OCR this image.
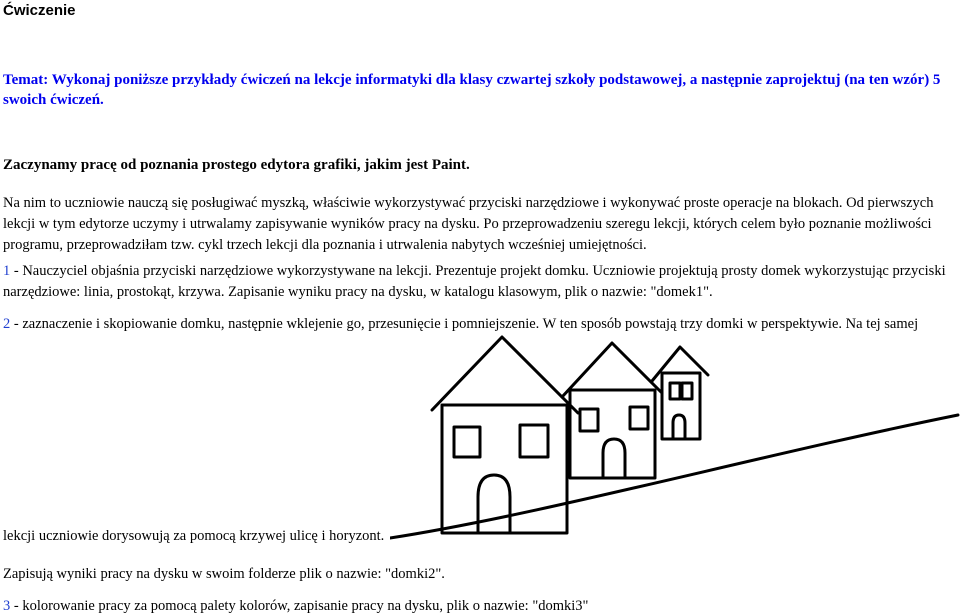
Ćwiczenie
Temat: Wykonaj poniższe przykłady ćwiczeń na lekcje informatyki dla klasy czwartej szkoły podstawowej, a następnie zaprojektuj (na ten wzór) 5 swoich ćwiczeń.
Zaczynamy pracę od poznania prostego edytora grafiki, jakim jest Paint.
Na nim to uczniowie nauczą się posługiwać myszką, właściwie wykorzystywać przyciski narzędziowe i wykonywać proste operacje na blokach. Od pierwszych lekcji w tym edytorze uczymy i utrwalamy zapisywanie wyników pracy na dysku. Po przeprowadzeniu szeregu lekcji, których celem było poznanie możliwości programu, przeprowadziłam tzw. cykl trzech lekcji dla poznania i utrwalenia nabytych wcześniej umiejętności.
1 - Nauczyciel objaśnia przyciski narzędziowe wykorzystywane na lekcji. Prezentuje projekt domku. Uczniowie projektują prosty domek wykorzystując przyciski narzędziowe: linia, prostokąt, krzywa. Zapisanie wyniku pracy na dysku, w katalogu klasowym, plik o nazwie: "domek1".
2 - zaznaczenie i skopiowanie domku, następnie wklejenie go, przesunięcie i pomniejszenie. W ten sposób powstają trzy domki w perspektywie. Na tej samej
lekcji uczniowie dorysowują za pomocą krzywej ulicę i horyzont.
Zapisują wyniki pracy na dysku w swoim folderze plik o nazwie: "domki2".
3 - kolorowanie pracy za pomocą palety kolorów, zapisanie pracy na dysku, plik o nazwie: "domki3"
